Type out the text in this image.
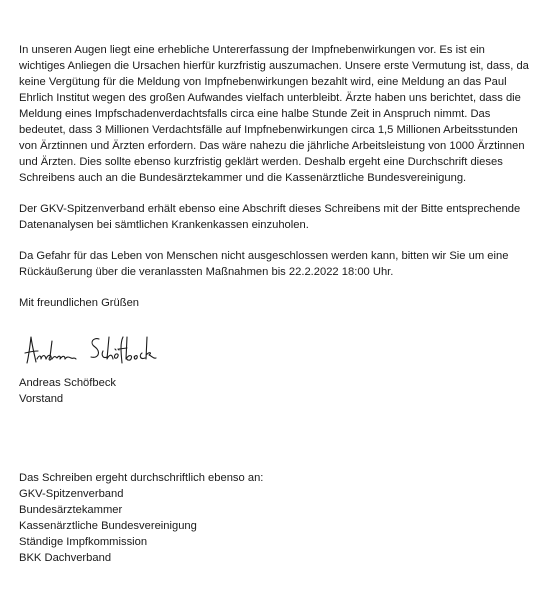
In unseren Augen liegt eine erhebliche Untererfassung der Impfnebenwirkungen vor. Es ist ein wichtiges Anliegen die Ursachen hierfür kurzfristig auszumachen. Unsere erste Vermutung ist, dass, da keine Vergütung für die Meldung von Impfnebenwirkungen bezahlt wird, eine Meldung an das Paul Ehrlich Institut wegen des großen Aufwandes vielfach unterbleibt. Ärzte haben uns berichtet, dass die Meldung eines Impfschadenverdachtsfalls circa eine halbe Stunde Zeit in Anspruch nimmt. Das bedeutet, dass 3 Millionen Verdachtsfälle auf Impfnebenwirkungen circa 1,5 Millionen Arbeitsstunden von Ärztinnen und Ärzten erfordern. Das wäre nahezu die jährliche Arbeitsleistung von 1000 Ärztinnen und Ärzten. Dies sollte ebenso kurzfristig geklärt werden. Deshalb ergeht eine Durchschrift dieses Schreibens auch an die Bundesärztekammer und die Kassenärztliche Bundesvereinigung.

Der GKV-Spitzenverband erhält ebenso eine Abschrift dieses Schreibens mit der Bitte entsprechende Datenanalysen bei sämtlichen Krankenkassen einzuholen.

Da Gefahr für das Leben von Menschen nicht ausgeschlossen werden kann, bitten wir Sie um eine Rückäußerung über die veranlassten Maßnahmen bis 22.2.2022 18:00 Uhr.

Mit freundlichen Grüßen

Andreas Schöfbeck
Vorstand
Das Schreiben ergeht durchschriftlich ebenso an:
GKV-Spitzenverband
Bundesärztekammer
Kassenärztliche Bundesvereinigung
Ständige Impfkommission
BKK Dachverband
